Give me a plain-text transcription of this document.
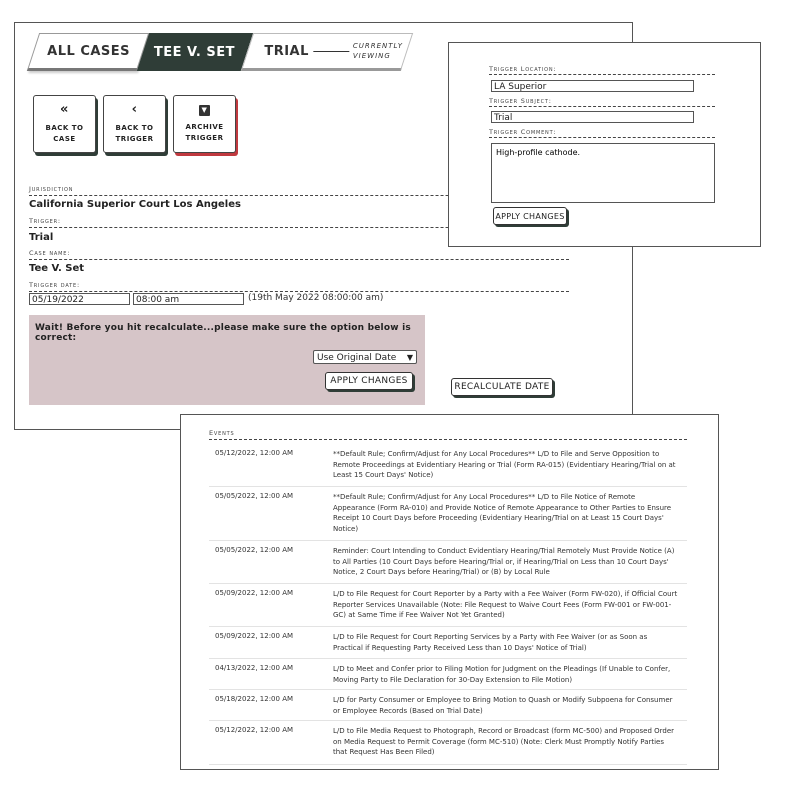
ALL CASES TEE V. SET TRIAL	CURRENTLY
VIEWING
«
BACK TO
CASE
‹
BACK TO
TRIGGER
▼
ARCHIVE
TRIGGER
Jurisdiction
California Superior Court Los Angeles
Trigger:
Trial
Case name:
Tee V. Set
Trigger date:
05/19/2022	08:00 am	(19th May 2022 08:00:00 am)
Wait! Before you hit recalculate...please make sure the option below is correct:
Use Original Date ▼
APPLY CHANGES
RECALCULATE DATE
Trigger Location:
LA Superior
Trigger Subject:
Trial
Trigger Comment:
High-profile cathode.
APPLY CHANGES
Events
05/12/2022, 12:00 AM	**Default Rule; Confirm/Adjust for Any Local Procedures** L/D to File and Serve Opposition to Remote Proceedings at Evidentiary Hearing or Trial (Form RA-015) (Evidentiary Hearing/Trial on at Least 15 Court Days' Notice)
05/05/2022, 12:00 AM	**Default Rule; Confirm/Adjust for Any Local Procedures** L/D to File Notice of Remote Appearance (Form RA-010) and Provide Notice of Remote Appearance to Other Parties to Ensure Receipt 10 Court Days before Proceeding (Evidentiary Hearing/Trial on at Least 15 Court Days' Notice)
05/05/2022, 12:00 AM	Reminder: Court Intending to Conduct Evidentiary Hearing/Trial Remotely Must Provide Notice (A) to All Parties (10 Court Days before Hearing/Trial or, if Hearing/Trial on Less than 10 Court Days' Notice, 2 Court Days before Hearing/Trial) or (B) by Local Rule
05/09/2022, 12:00 AM	L/D to File Request for Court Reporter by a Party with a Fee Waiver (Form FW-020), if Official Court Reporter Services Unavailable (Note: File Request to Waive Court Fees (Form FW-001 or FW-001-GC) at Same Time if Fee Waiver Not Yet Granted)
05/09/2022, 12:00 AM	L/D to File Request for Court Reporting Services by a Party with Fee Waiver (or as Soon as Practical if Requesting Party Received Less than 10 Days' Notice of Trial)
04/13/2022, 12:00 AM	L/D to Meet and Confer prior to Filing Motion for Judgment on the Pleadings (If Unable to Confer, Moving Party to File Declaration for 30-Day Extension to File Motion)
05/18/2022, 12:00 AM	L/D for Party Consumer or Employee to Bring Motion to Quash or Modify Subpoena for Consumer or Employee Records (Based on Trial Date)
05/12/2022, 12:00 AM	L/D to File Media Request to Photograph, Record or Broadcast (form MC-500) and Proposed Order on Media Request to Permit Coverage (form MC-510) (Note: Clerk Must Promptly Notify Parties that Request Has Been Filed)
